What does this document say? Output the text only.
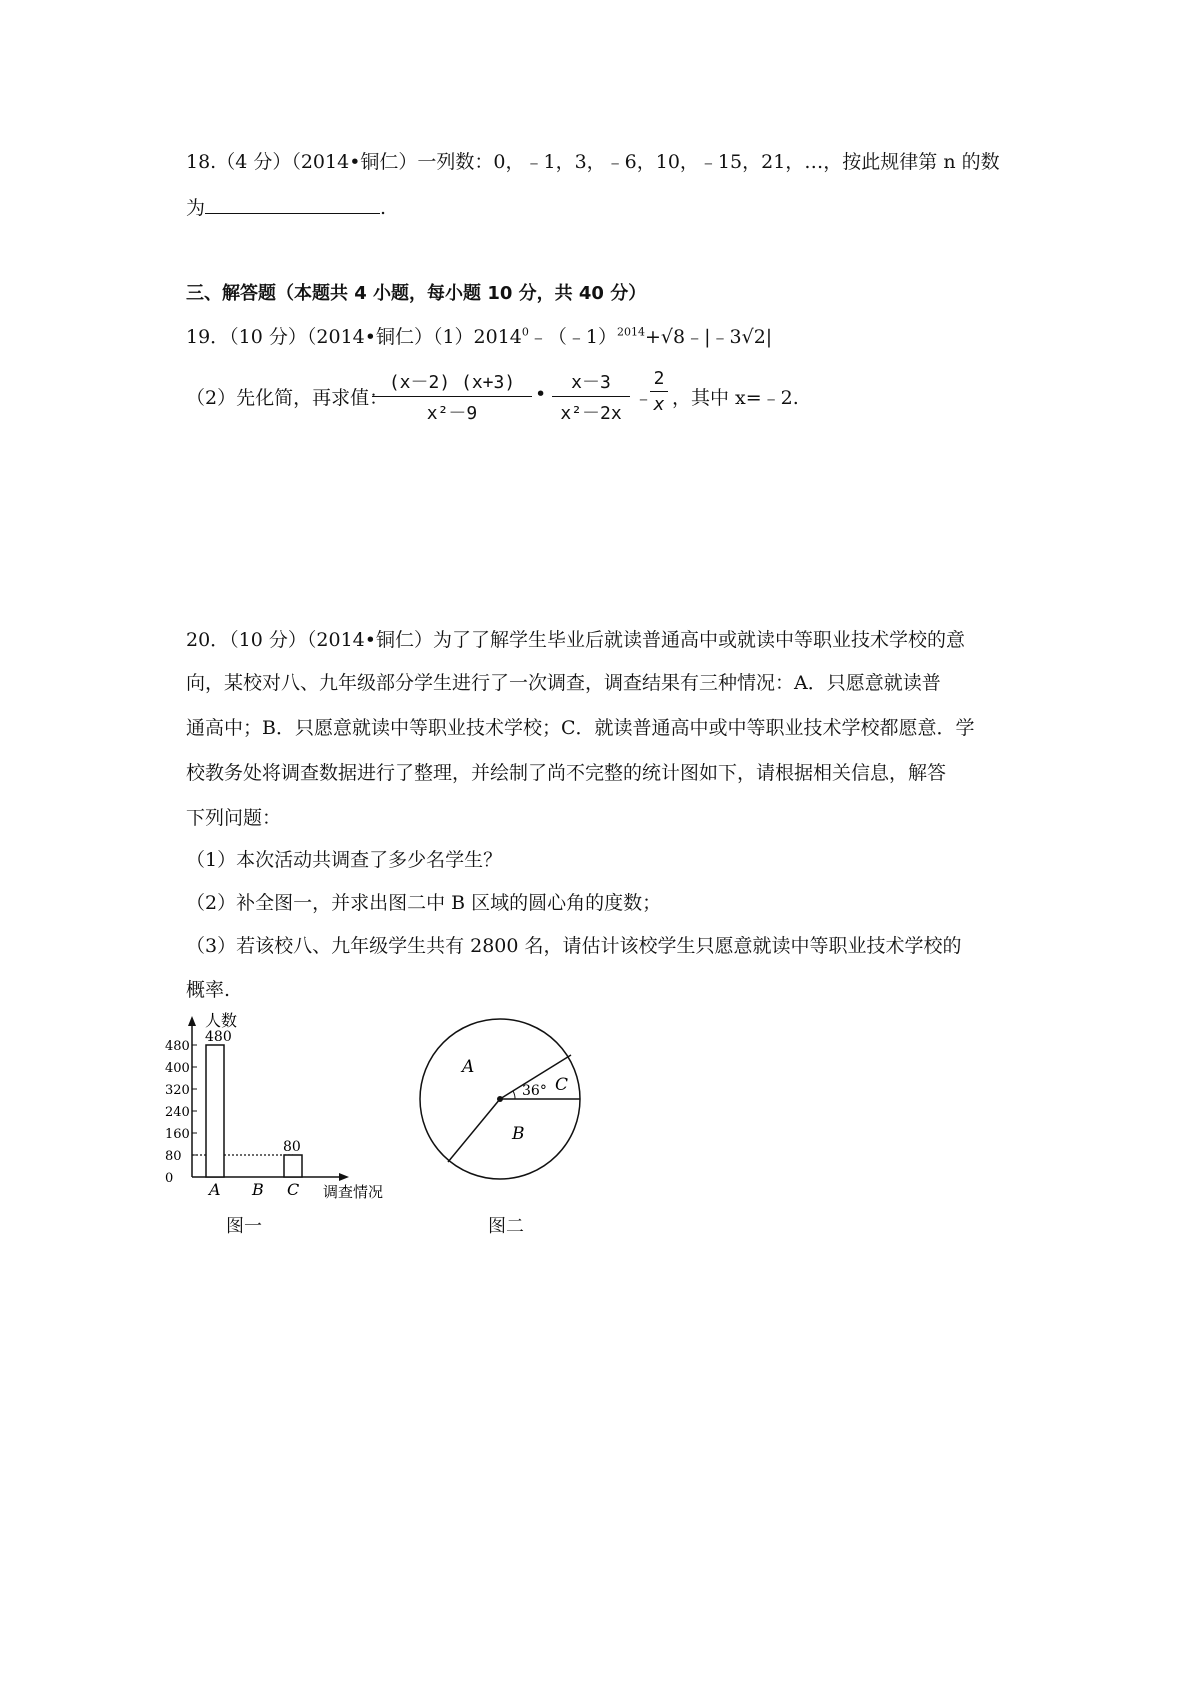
18.（4 分）（2014•铜仁）一列数：0，﹣1，3，﹣6，10，﹣15，21，…，按此规律第 n 的数
为	.
三、解答题（本题共 4 小题，每小题 10 分，共 40 分）
19．（10 分）（2014•铜仁）$(1)2014^0﹣(﹣1)^{2014}+√8﹣|﹣3√2|$
（2）先化简，再求值：
(x－2) (x+3)
x²－9
•
x－3
x²－2x
﹣
2
x ，其中 x=﹣2.
20．（10 分）（2014•铜仁）为了了解学生毕业后就读普通高中或就读中等职业技术学校的意
向，某校对八、九年级部分学生进行了一次调查，调查结果有三种情况：A．只愿意就读普
通高中；B．只愿意就读中等职业技术学校；C．就读普通高中或中等职业技术学校都愿意．学
校教务处将调查数据进行了整理，并绘制了尚不完整的统计图如下，请根据相关信息，解答
下列问题：
（1）本次活动共调查了多少名学生？
（2）补全图一，并求出图二中 B 区域的圆心角的度数；
（3）若该校八、九年级学生共有 2800 名，请估计该校学生只愿意就读中等职业技术学校的
概率.
480
400
320
240
160
80
0
480
80
A B C
人数
调查情况
图一
A
B
C
36°
图二
